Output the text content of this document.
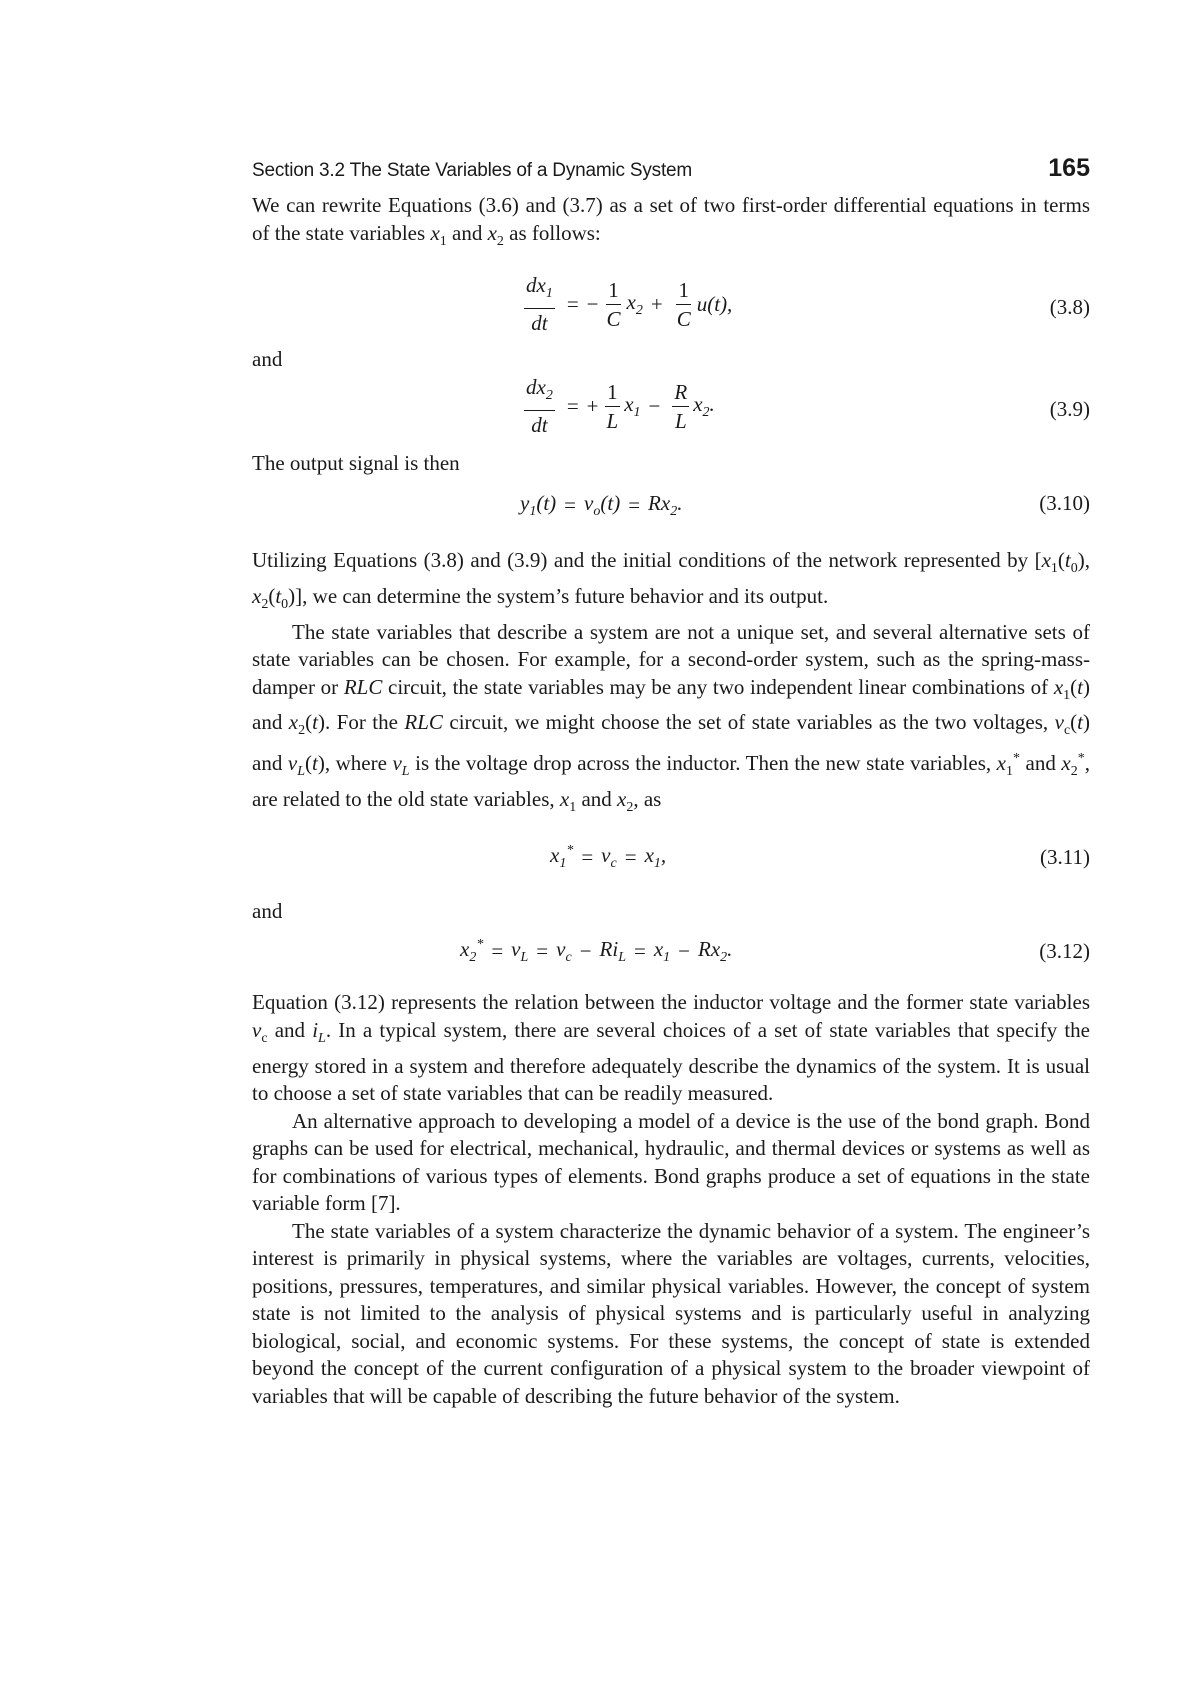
Section 3.2 The State Variables of a Dynamic System	165

We can rewrite Equations (3.6) and (3.7) as a set of two first-order differential equations in terms of the state variables $x_1$ and $x_2$ as follows:

$\frac{dx_1}{dt}$ = − $\frac{1}{C} x_2 + \frac{1}{C} u(t)$,	(3.8)
and
$\frac{dx_2}{dt}$ = + $\frac{1}{L} x_1 - \frac{R}{L} x_2$.	(3.9)
The output signal is then
$y_1(t) = v_o(t) = Rx_2$.	(3.10)

Utilizing Equations (3.8) and (3.9) and the initial conditions of the network represented by [$x_1(t_0)$, $x_2(t_0)$], we can determine the system’s future behavior and its output.

The state variables that describe a system are not a unique set, and several alternative sets of state variables can be chosen. For example, for a second-order system, such as the spring-mass-damper or RLC circuit, the state variables may be any two independent linear combinations of $x_1(t)$ and $x_2(t)$. For the RLC circuit, we might choose the set of state variables as the two voltages, $v_c(t)$ and $v_L(t)$, where $v_L$ is the voltage drop across the inductor. Then the new state variables, $x_1^*$ and $x_2^*$, are related to the old state variables, $x_1$ and $x_2$, as

$x_1^* = v_c = x_1$,	(3.11)
and
$x_2^* = v_L = v_c - Ri_L = x_1 - Rx_2$.	(3.12)

Equation (3.12) represents the relation between the inductor voltage and the former state variables $v_c$ and $i_L$. In a typical system, there are several choices of a set of state variables that specify the energy stored in a system and therefore adequately describe the dynamics of the system. It is usual to choose a set of state variables that can be readily measured.

An alternative approach to developing a model of a device is the use of the bond graph. Bond graphs can be used for electrical, mechanical, hydraulic, and thermal devices or systems as well as for combinations of various types of elements. Bond graphs produce a set of equations in the state variable form [7].

The state variables of a system characterize the dynamic behavior of a system. The engineer’s interest is primarily in physical systems, where the variables are voltages, currents, velocities, positions, pressures, temperatures, and similar physical variables. However, the concept of system state is not limited to the analysis of physical systems and is particularly useful in analyzing biological, social, and economic systems. For these systems, the concept of state is extended beyond the concept of the current configuration of a physical system to the broader viewpoint of variables that will be capable of describing the future behavior of the system.
